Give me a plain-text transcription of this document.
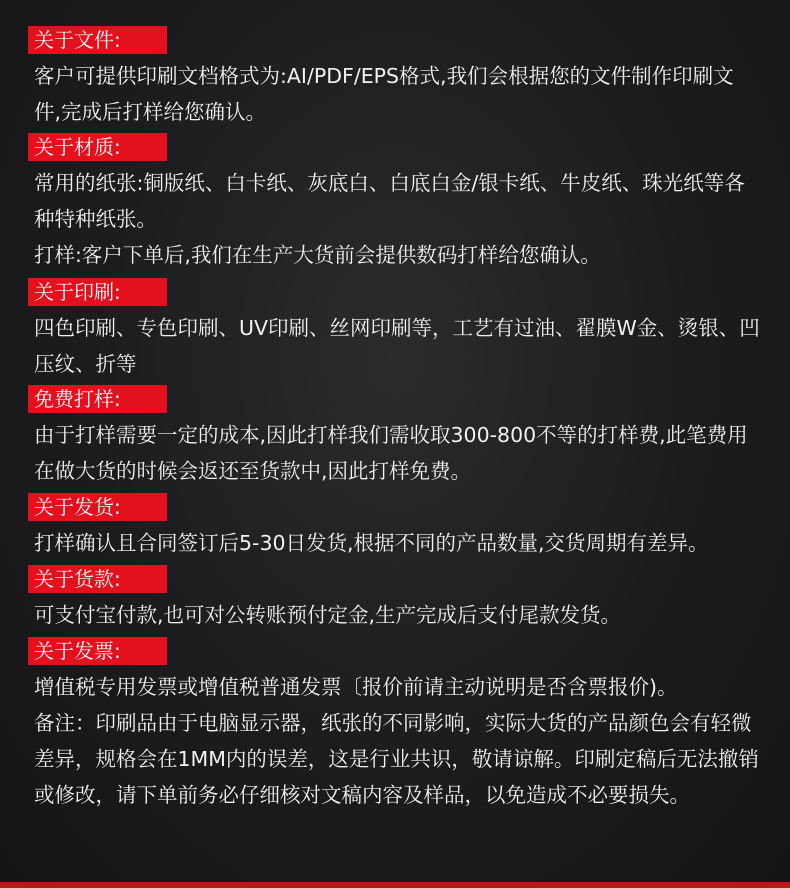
关于文件:

客户可提供印刷文档格式为:AI/PDF/EPS格式,我们会根据您的文件制作印刷文件,完成后打样给您确认。

关于材质:

常用的纸张:铜版纸、白卡纸、灰底白、白底白金/银卡纸、牛皮纸、珠光纸等各种特种纸张。

打样:客户下单后,我们在生产大货前会提供数码打样给您确认。

关于印刷:

四色印刷、专色印刷、UV印刷、丝网印刷等，工艺有过油、翟膜W金、烫银、凹压纹、折等

免费打样:

由于打样需要一定的成本,因此打样我们需收取300-800不等的打样费,此笔费用在做大货的时候会返还至货款中,因此打样免费。

关于发货:

打样确认且合同签订后5-30日发货,根据不同的产品数量,交货周期有差异。

关于货款:

可支付宝付款,也可对公转账预付定金,生产完成后支付尾款发货。

关于发票:

增值税专用发票或增值税普通发票〔报价前请主动说明是否含票报价)。

备注：印刷品由于电脑显示器，纸张的不同影响，实际大货的产品颜色会有轻微差异，规格会在1MM内的误差，这是行业共识，敬请谅解。印刷定稿后无法撤销或修改，请下单前务必仔细核对文稿内容及样品，以免造成不必要损失。
